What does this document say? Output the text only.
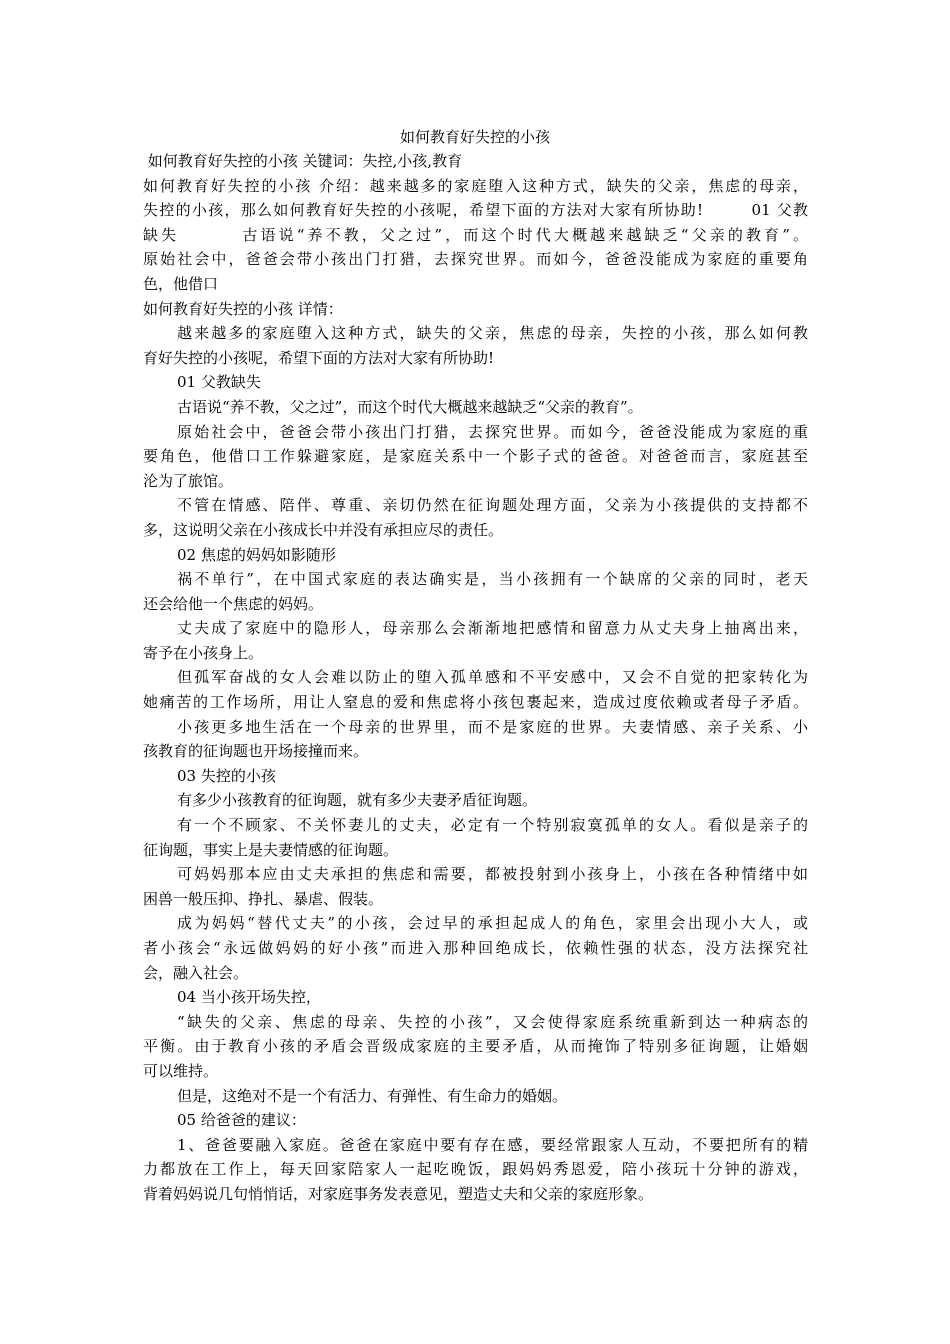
如何教育好失控的小孩
如何教育好失控的小孩 关键词：失控,小孩,教育
如何教育好失控的小孩 介绍：越来越多的家庭堕入这种方式，缺失的父亲，焦虑的母亲，
失控的小孩，那么如何教育好失控的小孩呢，希望下面的方法对大家有所协助!        01 父教
缺失        古语说“养不教，父之过”，而这个时代大概越来越缺乏“父亲的教育”。
原始社会中，爸爸会带小孩出门打猎，去探究世界。而如今，爸爸没能成为家庭的重要角
色，他借口
如何教育好失控的小孩 详情：
越来越多的家庭堕入这种方式，缺失的父亲，焦虑的母亲，失控的小孩，那么如何教
育好失控的小孩呢，希望下面的方法对大家有所协助!
01 父教缺失
古语说“养不教，父之过”，而这个时代大概越来越缺乏“父亲的教育”。
原始社会中，爸爸会带小孩出门打猎，去探究世界。而如今，爸爸没能成为家庭的重
要角色，他借口工作躲避家庭，是家庭关系中一个影子式的爸爸。对爸爸而言，家庭甚至
沦为了旅馆。
不管在情感、陪伴、尊重、亲切仍然在征询题处理方面，父亲为小孩提供的支持都不
多，这说明父亲在小孩成长中并没有承担应尽的责任。
02 焦虑的妈妈如影随形
祸不单行”，在中国式家庭的表达确实是，当小孩拥有一个缺席的父亲的同时，老天
还会给他一个焦虑的妈妈。
丈夫成了家庭中的隐形人，母亲那么会渐渐地把感情和留意力从丈夫身上抽离出来，
寄予在小孩身上。
但孤军奋战的女人会难以防止的堕入孤单感和不平安感中，又会不自觉的把家转化为
她痛苦的工作场所，用让人窒息的爱和焦虑将小孩包裹起来，造成过度依赖或者母子矛盾。
小孩更多地生活在一个母亲的世界里，而不是家庭的世界。夫妻情感、亲子关系、小
孩教育的征询题也开场接撞而来。
03 失控的小孩
有多少小孩教育的征询题，就有多少夫妻矛盾征询题。
有一个不顾家、不关怀妻儿的丈夫，必定有一个特别寂寞孤单的女人。看似是亲子的
征询题，事实上是夫妻情感的征询题。
可妈妈那本应由丈夫承担的焦虑和需要，都被投射到小孩身上，小孩在各种情绪中如
困兽一般压抑、挣扎、暴虐、假装。
成为妈妈“替代丈夫”的小孩，会过早的承担起成人的角色，家里会出现小大人，或
者小孩会“永远做妈妈的好小孩”而进入那种回绝成长，依赖性强的状态，没方法探究社
会，融入社会。
04 当小孩开场失控，
“缺失的父亲、焦虑的母亲、失控的小孩”，又会使得家庭系统重新到达一种病态的
平衡。由于教育小孩的矛盾会晋级成家庭的主要矛盾，从而掩饰了特别多征询题，让婚姻
可以维持。
但是，这绝对不是一个有活力、有弹性、有生命力的婚姻。
05 给爸爸的建议：
1、爸爸要融入家庭。爸爸在家庭中要有存在感，要经常跟家人互动，不要把所有的精
力都放在工作上，每天回家陪家人一起吃晚饭，跟妈妈秀恩爱，陪小孩玩十分钟的游戏，
背着妈妈说几句悄悄话，对家庭事务发表意见，塑造丈夫和父亲的家庭形象。
